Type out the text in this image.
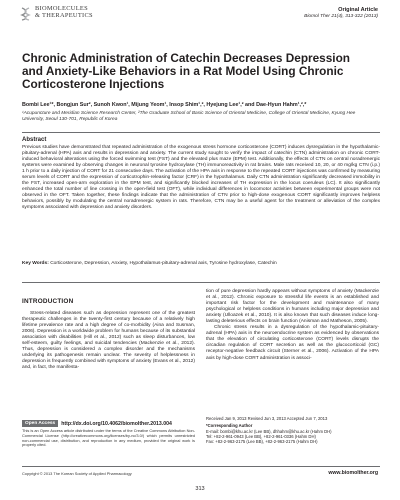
BIOMOLECULES
& THERAPEUTICS
Original Article
Biomol Ther 21(4), 313-322 (2013)
Chronic Administration of Catechin Decreases Depression and Anxiety-Like Behaviors in a Rat Model Using Chronic Corticosterone Injections
Bombi Lee¹*, Bongjun Sur², Sunoh Kwon¹, Mijung Yeom¹, Insop Shim¹,², Hyejung Lee¹,² and Dae-Hyun Hahm¹,²,*
¹Acupuncture and Meridian Science Research Center, ²The Graduate School of Basic Science of Oriental Medicine, College of Oriental Medicine, Kyung Hee University, Seoul 130-701, Republic of Korea
Abstract
Previous studies have demonstrated that repeated administration of the exogenous stress hormone corticosterone (CORT) induces dysregulation in the hypothalamic-pituitary-adrenal (HPA) axis and results in depression and anxiety. The current study sought to verify the impact of catechin (CTN) administration on chronic CORT-induced behavioral alterations using the forced swimming test (FST) and the elevated plus maze (EPM) test. Additionally, the effects of CTN on central noradrenergic systems were examined by observing changes in neuronal tyrosine hydroxylase (TH) immunoreactivity in rat brains. Male rats received 10, 20, or 40 mg/kg CTN (i.p.) 1 h prior to a daily injection of CORT for 21 consecutive days. The activation of the HPA axis in response to the repeated CORT injections was confirmed by measuring serum levels of CORT and the expression of corticotrophin-releasing factor (CRF) in the hypothalamus. Daily CTN administration significantly decreased immobility in the FST, increased open-arm exploration in the EPM test, and significantly blocked increases of TH expression in the locus coeruleus (LC). It also significantly enhanced the total number of line crossing in the open-field test (OFT), while individual differences in locomotor activities between experimental groups were not observed in the OFT. Taken together, these findings indicate that the administration of CTN prior to high-dose exogenous CORT significantly improves helpless behaviors, possibly by modulating the central noradrenergic system in rats. Therefore, CTN may be a useful agent for the treatment or alleviation of the complex symptoms associated with depression and anxiety disorders.
Key Words: Corticosterone, Depression, Anxiety, Hypothalamus-pituitary-adrenal axis, Tyrosine hydroxylase, Catechin
INTRODUCTION

Stress-related diseases such as depression represent one of the greatest therapeutic challenges in the twenty-first century because of a relatively high lifetime prevalence rate and a high degree of co-morbidity (Aina and Susman, 2006). Depression is a worldwide problem for humans because of its substantial association with disabilities (Hill et al., 2012) such as sleep disturbances, low self-esteem, guilty feelings, and suicidal tendencies (Mackenzie et al., 2012). Thus, depression is considered a complex disorder and the mechanisms underlying its pathogenesis remain unclear. The severity of helplessness in depression is frequently combined with symptoms of anxiety (Evans et al., 2012) and, in fact, the manifesta-

tion of pure depression hardly appears without symptoms of anxiety (Mackenzie et al., 2012). Chronic exposure to stressful life events is an established and important risk factor for the development and maintenance of many psychological or helpless conditions in humans including major depression and anxiety (Ulloazek et al., 2010). It is also known that such diseases induce long-lasting deleterious effects on brain function (Anisman and Matheson, 2005).

Chronic stress results in a dysregulation of the hypothalamic-pituitary-adrenal (HPA) axis in the neuroendocrine system as evidenced by observations that the elevation of circulating corticosterone (CORT) levels disrupts the circadian regulation of CORT secretion as well as the glucocorticoid (GC) receptor-negative feedback circuit (Sterner et al., 2006). Activation of the HPA axis by high-dose CORT administration is associ-

Open Access	http://dx.doi.org/10.4062/biomolther.2013.004
This is an Open Access article distributed under the terms of the Creative Commons Attribution Non-Commercial License (http://creativecommons.org/licenses/by-nc/3.0/) which permits unrestricted non-commercial use, distribution, and reproduction in any medium, provided the original work is properly cited.
Received Jan 9, 2013 Revised Jun 3, 2013 Accepted Jun 7, 2013
*Corresponding Author
E-mail: bombi@khu.ac.kr (Lee BB), dhhahm@khu.ac.kr (Hahm DH)
Tel: +82-2-961-0943 (Lee BB), +82-2-961-0336 (Hahm DH)
Fax: +82-2-963-2175 (Lee BB), +82-2-963-2175 (Hahm DH)
Copyright © 2013 The Korean Society of Applied Pharmacology	www.biomolther.org
313
